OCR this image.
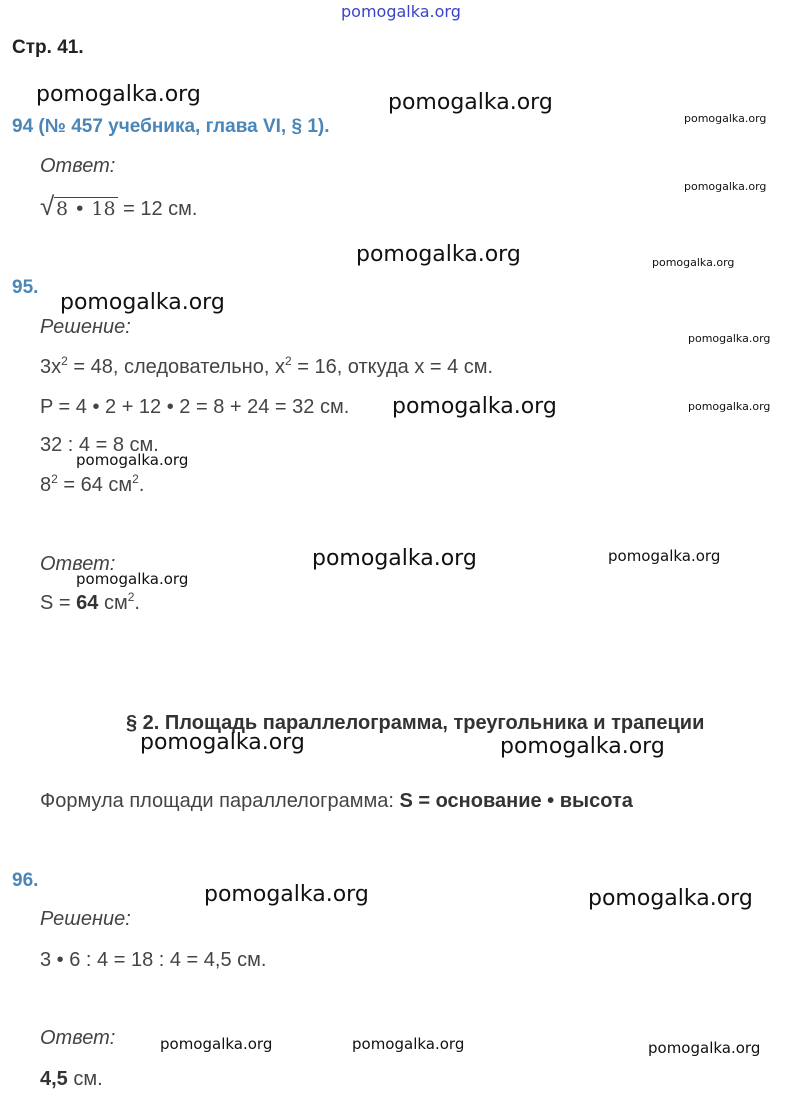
pomogalka.org
Стр. 41.
94 (№ 457 учебника, глава VI, § 1).
Ответ:
√ 8 • 18 = 12 см.
95.
Решение:
$3x^2 = 48$, следовательно, $x^2 = 16$, откуда x = 4 см.
P = 4 • 2 + 12 • 2 = 8 + 24 = 32 см.
32 : 4 = 8 см.
$8^2 = 64$ $см^2$.
Ответ:
S = 64 $см^2$.
§ 2. Площадь параллелограмма, треугольника и трапеции
Формула площади параллелограмма: S = основание • высота
96.
Решение:
3 • 6 : 4 = 18 : 4 = 4,5 см.
Ответ:
4,5 см.
pomogalka.org	pomogalka.org
pomogalka.org
pomogalka.org
pomogalka.org	pomogalka.org
pomogalka.org
pomogalka.org
pomogalka.org	pomogalka.org
pomogalka.org
pomogalka.org	pomogalka.org
pomogalka.org
pomogalka.org	pomogalka.org
pomogalka.org	pomogalka.org
pomogalka.org	pomogalka.org	pomogalka.org
